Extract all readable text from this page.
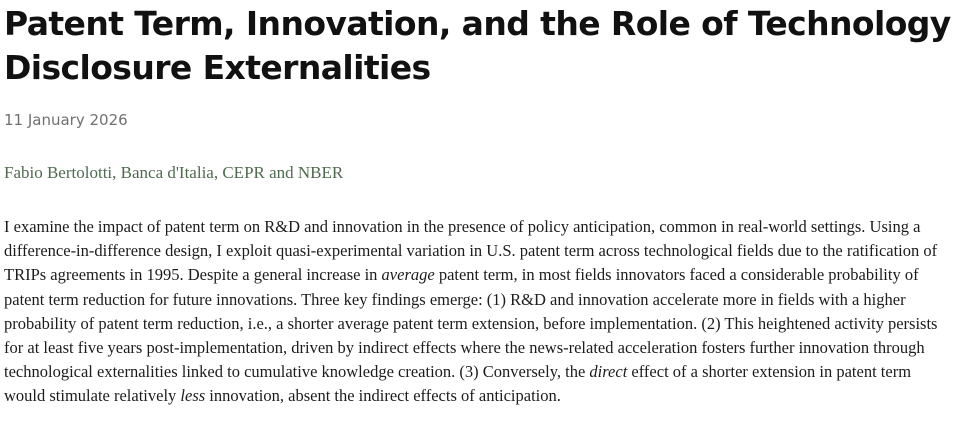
Patent Term, Innovation, and the Role of Technology Disclosure Externalities
11 January 2026
Fabio Bertolotti, Banca d'Italia, CEPR and NBER

I examine the impact of patent term on R&D and innovation in the presence of policy anticipation, common in real-world settings. Using a difference-in-difference design, I exploit quasi-experimental variation in U.S. patent term across technological fields due to the ratification of TRIPs agreements in 1995. Despite a general increase in average patent term, in most fields innovators faced a considerable probability of patent term reduction for future innovations. Three key findings emerge: (1) R&D and innovation accelerate more in fields with a higher probability of patent term reduction, i.e., a shorter average patent term extension, before implementation. (2) This heightened activity persists for at least five years post-implementation, driven by indirect effects where the news-related acceleration fosters further innovation through technological externalities linked to cumulative knowledge creation. (3) Conversely, the direct effect of a shorter extension in patent term would stimulate relatively less innovation, absent the indirect effects of anticipation.
